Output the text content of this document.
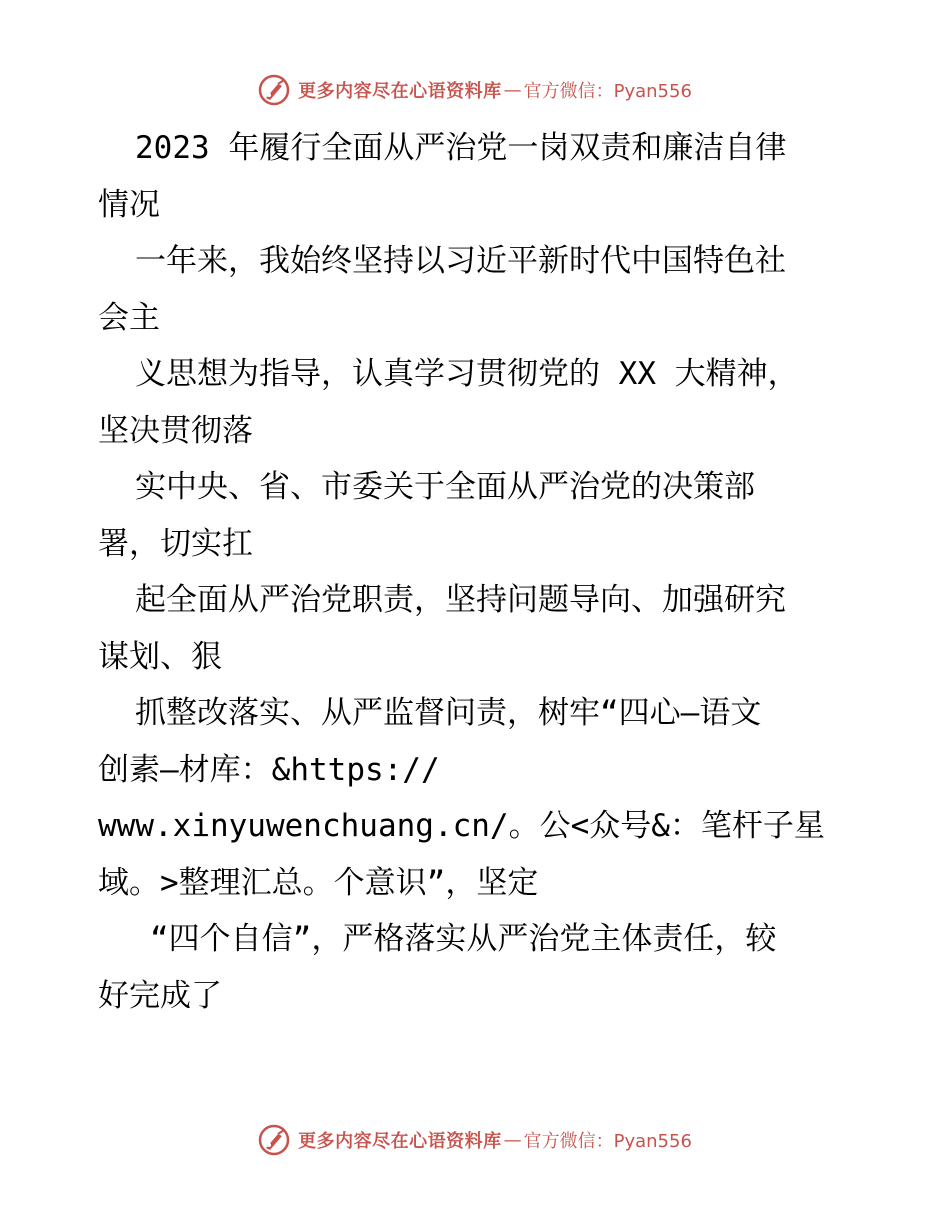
更多内容尽在心语资料库 — 官方微信：Pyan556
2023 年履行全面从严治党一岗双责和廉洁自律
情况
一年来，我始终坚持以习近平新时代中国特色社
会主
义思想为指导，认真学习贯彻党的 XX 大精神，
坚决贯彻落
实中央、省、市委关于全面从严治党的决策部
署，切实扛
起全面从严治党职责，坚持问题导向、加强研究
谋划、狠
抓整改落实、从严监督问责，树牢“四心—语文
创素—材库：&https://
www.xinyuwenchuang.cn/。公<众号&：笔杆子星
域。>整理汇总。个意识”，坚定
“四个自信”，严格落实从严治党主体责任，较
好完成了
更多内容尽在心语资料库 — 官方微信：Pyan556
